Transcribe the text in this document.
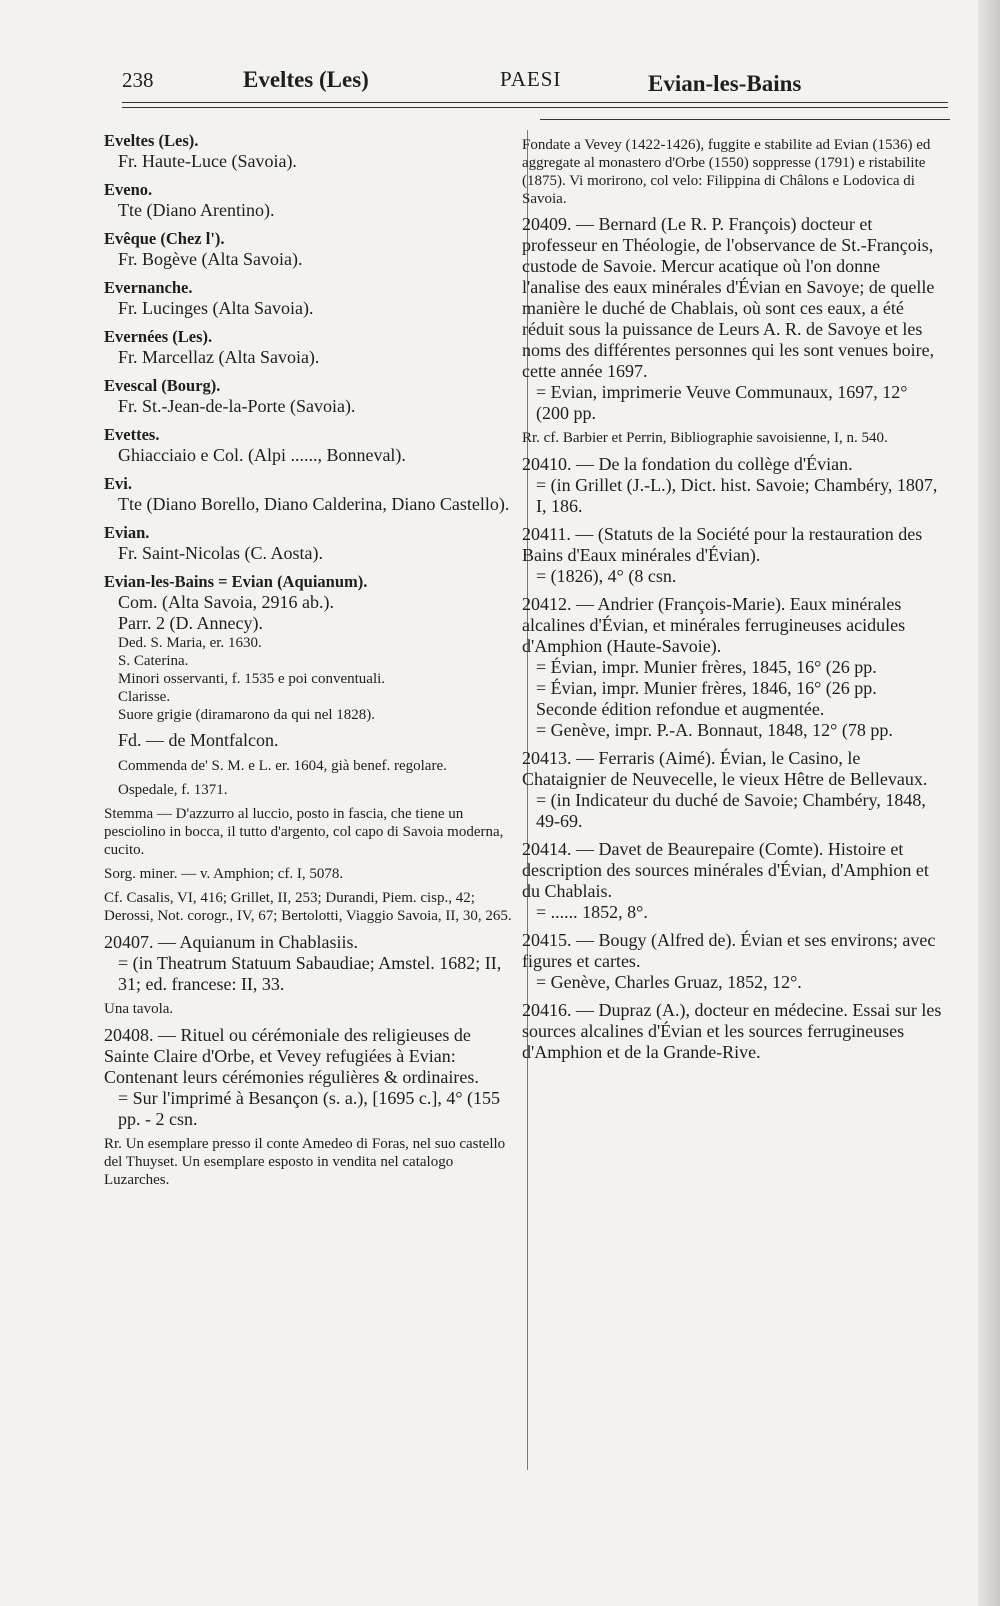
238	Eveltes (Les)	PAESI	Evian-les-Bains
Eveltes (Les).
Fr. Haute-Luce (Savoia).
Eveno.
Tte (Diano Arentino).
Evêque (Chez l').
Fr. Bogève (Alta Savoia).
Evernanche.
Fr. Lucinges (Alta Savoia).
Evernées (Les).
Fr. Marcellaz (Alta Savoia).
Evescal (Bourg).
Fr. St.-Jean-de-la-Porte (Savoia).
Evettes.
Ghiacciaio e Col. (Alpi ......, Bonneval).
Evi.
Tte (Diano Borello, Diano Calderina, Diano Castello).
Evian.
Fr. Saint-Nicolas (C. Aosta).
Evian-les-Bains = Evian (Aquianum).
Com. (Alta Savoia, 2916 ab.).
Parr. 2 (D. Annecy).
Ded. S. Maria, er. 1630.
S. Caterina.
Minori osservanti, f. 1535 e poi conventuali.
Clarisse.
Suore grigie (diramarono da qui nel 1828).
Fd. — de Montfalcon.
Commenda de' S. M. e L. er. 1604, già benef. regolare.
Ospedale, f. 1371.
Stemma — D'azzurro al luccio, posto in fascia, che tiene un pesciolino in bocca, il tutto d'argento, col capo di Savoia moderna, cucito.
Sorg. miner. — v. Amphion; cf. I, 5078.
Cf. Casalis, VI, 416; Grillet, II, 253; Durandi, Piem. cisp., 42; Derossi, Not. corogr., IV, 67; Bertolotti, Viaggio Savoia, II, 30, 265.
20407. — Aquianum in Chablasiis.
= (in Theatrum Statuum Sabaudiae; Amstel. 1682; II, 31; ed. francese: II, 33.
Una tavola.
20408. — Rituel ou cérémoniale des religieuses de Sainte Claire d'Orbe, et Vevey refugiées à Evian: Contenant leurs cérémonies régulières & ordinaires.
= Sur l'imprimé à Besançon (s. a.), [1695 c.], 4° (155 pp. - 2 csn.
Rr. Un esemplare presso il conte Amedeo di Foras, nel suo castello del Thuyset. Un esemplare esposto in vendita nel catalogo Luzarches.
Fondate a Vevey (1422-1426), fuggite e stabilite ad Evian (1536) ed aggregate al monastero d'Orbe (1550) soppresse (1791) e ristabilite (1875). Vi morirono, col velo: Filippina di Châlons e Lodovica di Savoia.
20409. — Bernard (Le R. P. François) docteur et professeur en Théologie, de l'observance de St.-François, custode de Savoie. Mercur acatique où l'on donne l'analise des eaux minérales d'Évian en Savoye; de quelle manière le duché de Chablais, où sont ces eaux, a été réduit sous la puissance de Leurs A. R. de Savoye et les noms des différentes personnes qui les sont venues boire, cette année 1697.
= Evian, imprimerie Veuve Communaux, 1697, 12° (200 pp.
Rr. cf. Barbier et Perrin, Bibliographie savoisienne, I, n. 540.
20410. — De la fondation du collège d'Évian.
= (in Grillet (J.-L.), Dict. hist. Savoie; Chambéry, 1807, I, 186.
20411. — (Statuts de la Société pour la restauration des Bains d'Eaux minérales d'Évian).
= (1826), 4° (8 csn.
20412. — Andrier (François-Marie). Eaux minérales alcalines d'Évian, et minérales ferrugineuses acidules d'Amphion (Haute-Savoie).
= Évian, impr. Munier frères, 1845, 16° (26 pp.
= Évian, impr. Munier frères, 1846, 16° (26 pp.
Seconde édition refondue et augmentée.
= Genève, impr. P.-A. Bonnaut, 1848, 12° (78 pp.
20413. — Ferraris (Aimé). Évian, le Casino, le Chataignier de Neuvecelle, le vieux Hêtre de Bellevaux.
= (in Indicateur du duché de Savoie; Chambéry, 1848, 49-69.
20414. — Davet de Beaurepaire (Comte). Histoire et description des sources minérales d'Évian, d'Amphion et du Chablais.
= ...... 1852, 8°.
20415. — Bougy (Alfred de). Évian et ses environs; avec figures et cartes.
= Genève, Charles Gruaz, 1852, 12°.
20416. — Dupraz (A.), docteur en médecine. Essai sur les sources alcalines d'Évian et les sources ferrugineuses d'Amphion et de la Grande-Rive.
